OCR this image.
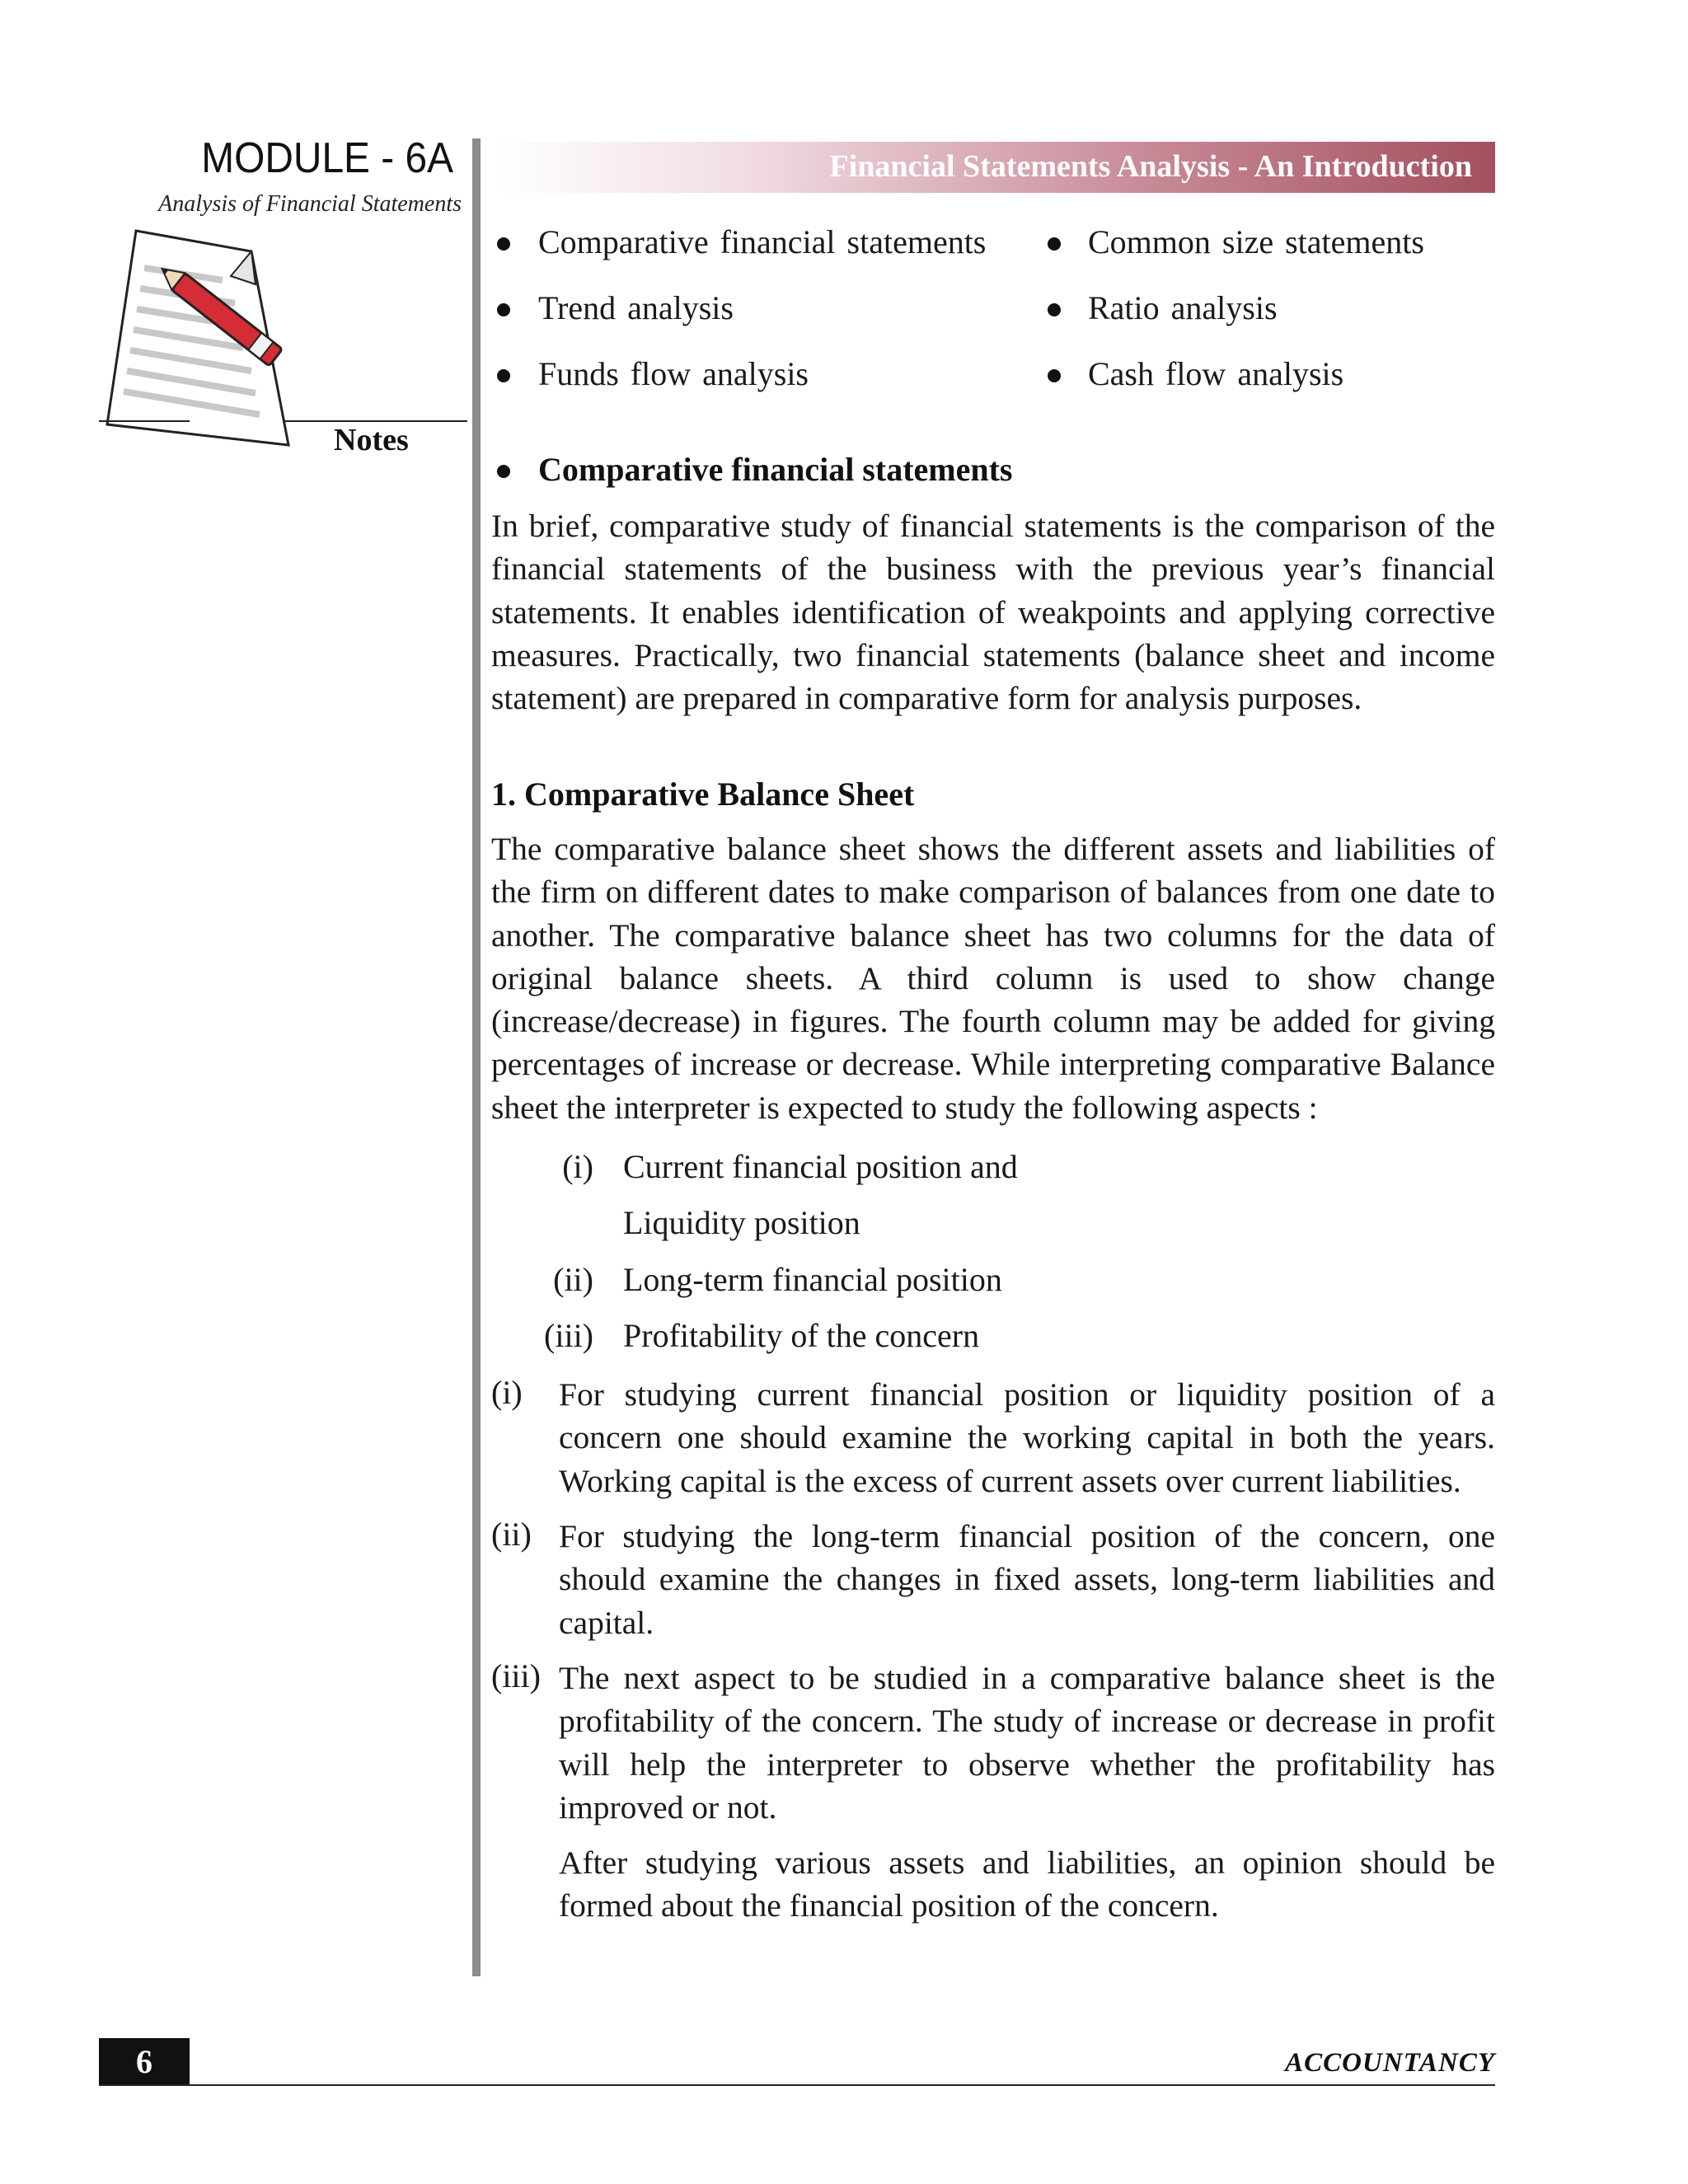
MODULE - 6A
Analysis of Financial Statements
Notes
Financial Statements Analysis - An Introduction
Comparative financial statements	Common size statements
Trend analysis	Ratio analysis
Funds flow analysis	Cash flow analysis
Comparative financial statements
In brief, comparative study of financial statements is the comparison of the financial statements of the business with the previous year’s financial statements. It enables identification of weakpoints and applying corrective measures. Practically, two financial statements (balance sheet and income statement) are prepared in comparative form for analysis purposes.
1. Comparative Balance Sheet
The comparative balance sheet shows the different assets and liabilities of the firm on different dates to make comparison of balances from one date to another. The comparative balance sheet has two columns for the data of original balance sheets. A third column is used to show change (increase/decrease) in figures. The fourth column may be added for giving percentages of increase or decrease. While interpreting comparative Balance sheet the interpreter is expected to study the following aspects :
(i) Current financial position and
Liquidity position
(ii) Long-term financial position
(iii) Profitability of the concern
(i) For studying current financial position or liquidity position of a concern one should examine the working capital in both the years. Working capital is the excess of current assets over current liabilities.
(ii) For studying the long-term financial position of the concern, one should examine the changes in fixed assets, long-term liabilities and capital.
(iii) The next aspect to be studied in a comparative balance sheet is the profitability of the concern. The study of increase or decrease in profit will help the interpreter to observe whether the profitability has improved or not.
After studying various assets and liabilities, an opinion should be formed about the financial position of the concern.
6	ACCOUNTANCY
